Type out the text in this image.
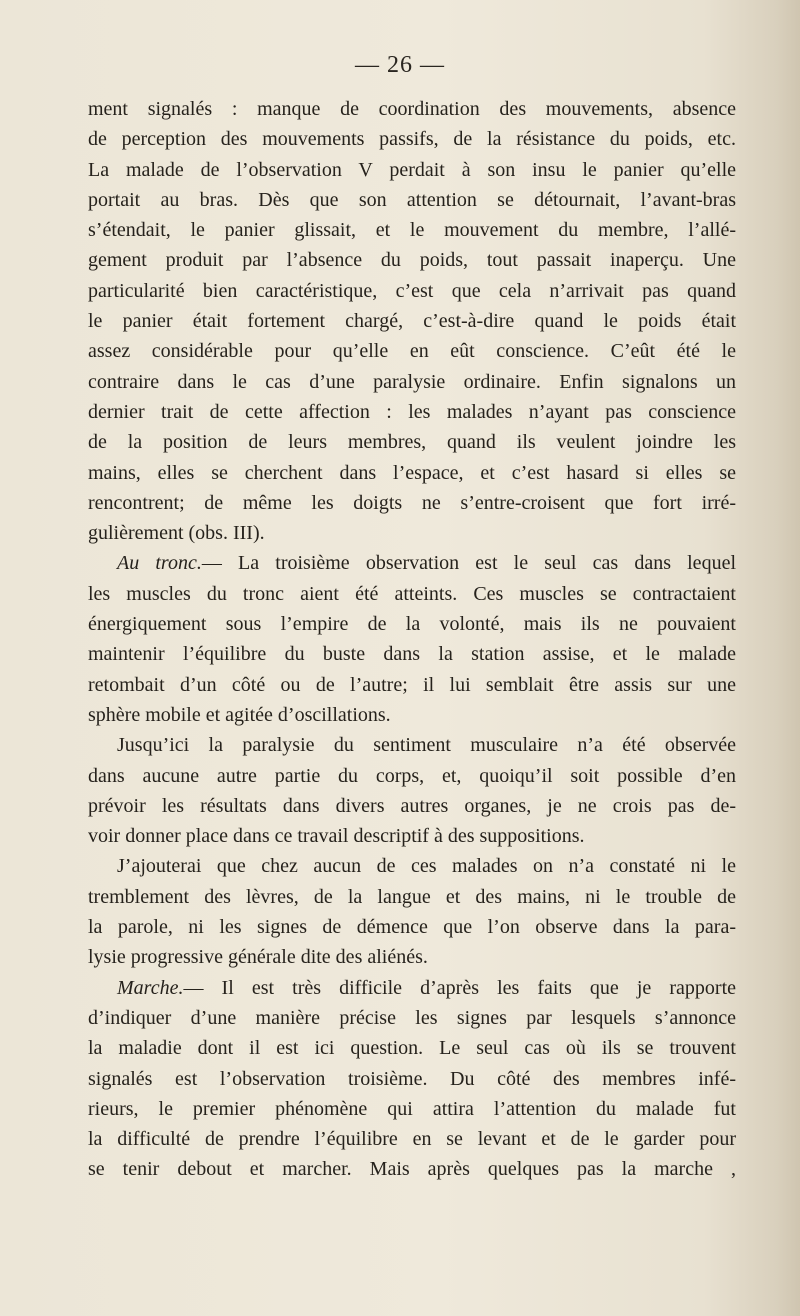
— 26 —
ment signalés : manque de coordination des mouvements, absence
de perception des mouvements passifs, de la résistance du poids, etc.
La malade de l’observation V perdait à son insu le panier qu’elle
portait au bras. Dès que son attention se détournait, l’avant-bras
s’étendait, le panier glissait, et le mouvement du membre, l’allé-
gement produit par l’absence du poids, tout passait inaperçu. Une
particularité bien caractéristique, c’est que cela n’arrivait pas quand
le panier était fortement chargé, c’est-à-dire quand le poids était
assez considérable pour qu’elle en eût conscience. C’eût été le
contraire dans le cas d’une paralysie ordinaire. Enfin signalons un
dernier trait de cette affection : les malades n’ayant pas conscience
de la position de leurs membres, quand ils veulent joindre les
mains, elles se cherchent dans l’espace, et c’est hasard si elles se
rencontrent; de même les doigts ne s’entre-croisent que fort irré-
gulièrement (obs. III).
Au tronc.— La troisième observation est le seul cas dans lequel
les muscles du tronc aient été atteints. Ces muscles se contractaient
énergiquement sous l’empire de la volonté, mais ils ne pouvaient
maintenir l’équilibre du buste dans la station assise, et le malade
retombait d’un côté ou de l’autre; il lui semblait être assis sur une
sphère mobile et agitée d’oscillations.
Jusqu’ici la paralysie du sentiment musculaire n’a été observée
dans aucune autre partie du corps, et, quoiqu’il soit possible d’en
prévoir les résultats dans divers autres organes, je ne crois pas de-
voir donner place dans ce travail descriptif à des suppositions.
J’ajouterai que chez aucun de ces malades on n’a constaté ni le
tremblement des lèvres, de la langue et des mains, ni le trouble de
la parole, ni les signes de démence que l’on observe dans la para-
lysie progressive générale dite des aliénés.
Marche.— Il est très difficile d’après les faits que je rapporte
d’indiquer d’une manière précise les signes par lesquels s’annonce
la maladie dont il est ici question. Le seul cas où ils se trouvent
signalés est l’observation troisième. Du côté des membres infé-
rieurs, le premier phénomène qui attira l’attention du malade fut
la difficulté de prendre l’équilibre en se levant et de le garder pour
se tenir debout et marcher. Mais après quelques pas la marche ,
